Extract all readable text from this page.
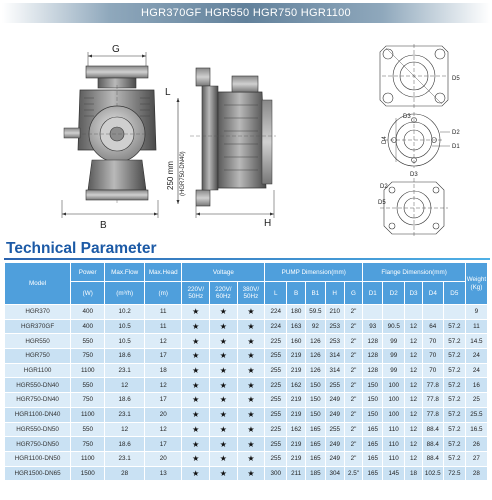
HGR370GF HGR550 HGR750 HGR1100
G
B
L
250 mm (HGR750-DN40)
H
D5
D3
D2
D1
D4
D3
D2
D5
Technical Parameter
Model	Power	Max.Flow	Max.Head	Voltage			PUMP Dimension(mm)					Flange Dimension(mm)					Weight (Kg)
	(W)	(m³/h)	(m)	220V/ 50Hz	220V/ 60Hz	380V/ 50Hz	L	B	B1	H	G	D1	D2	D3	D4	D5	
HGR370	400	10.2	11	★	★	★	224	180	59.5	210	2"						9
HGR370GF	400	10.5	11	★	★	★	224	163	92	253	2"	93	90.5	12	64	57.2	11
HGR550	550	10.5	12	★	★	★	225	160	126	253	2"	128	99	12	70	57.2	14.5
HGR750	750	18.6	17	★	★	★	255	219	126	314	2"	128	99	12	70	57.2	24
HGR1100	1100	23.1	18	★	★	★	255	219	126	314	2"	128	99	12	70	57.2	24
HGR550-DN40	550	12	12	★	★	★	225	162	150	255	2"	150	100	12	77.8	57.2	16
HGR750-DN40	750	18.6	17	★	★	★	255	219	150	249	2"	150	100	12	77.8	57.2	25
HGR1100-DN40	1100	23.1	20	★	★	★	255	219	150	249	2"	150	100	12	77.8	57.2	25.5
HGR550-DN50	550	12	12	★	★	★	225	162	165	255	2"	165	110	12	88.4	57.2	16.5
HGR750-DN50	750	18.6	17	★	★	★	255	219	165	249	2"	165	110	12	88.4	57.2	26
HGR1100-DN50	1100	23.1	20	★	★	★	255	219	165	249	2"	165	110	12	88.4	57.2	27
HGR1500-DN65	1500	28	13	★	★	★	300	211	185	304	2.5"	165	145	18	102.5	72.5	28
